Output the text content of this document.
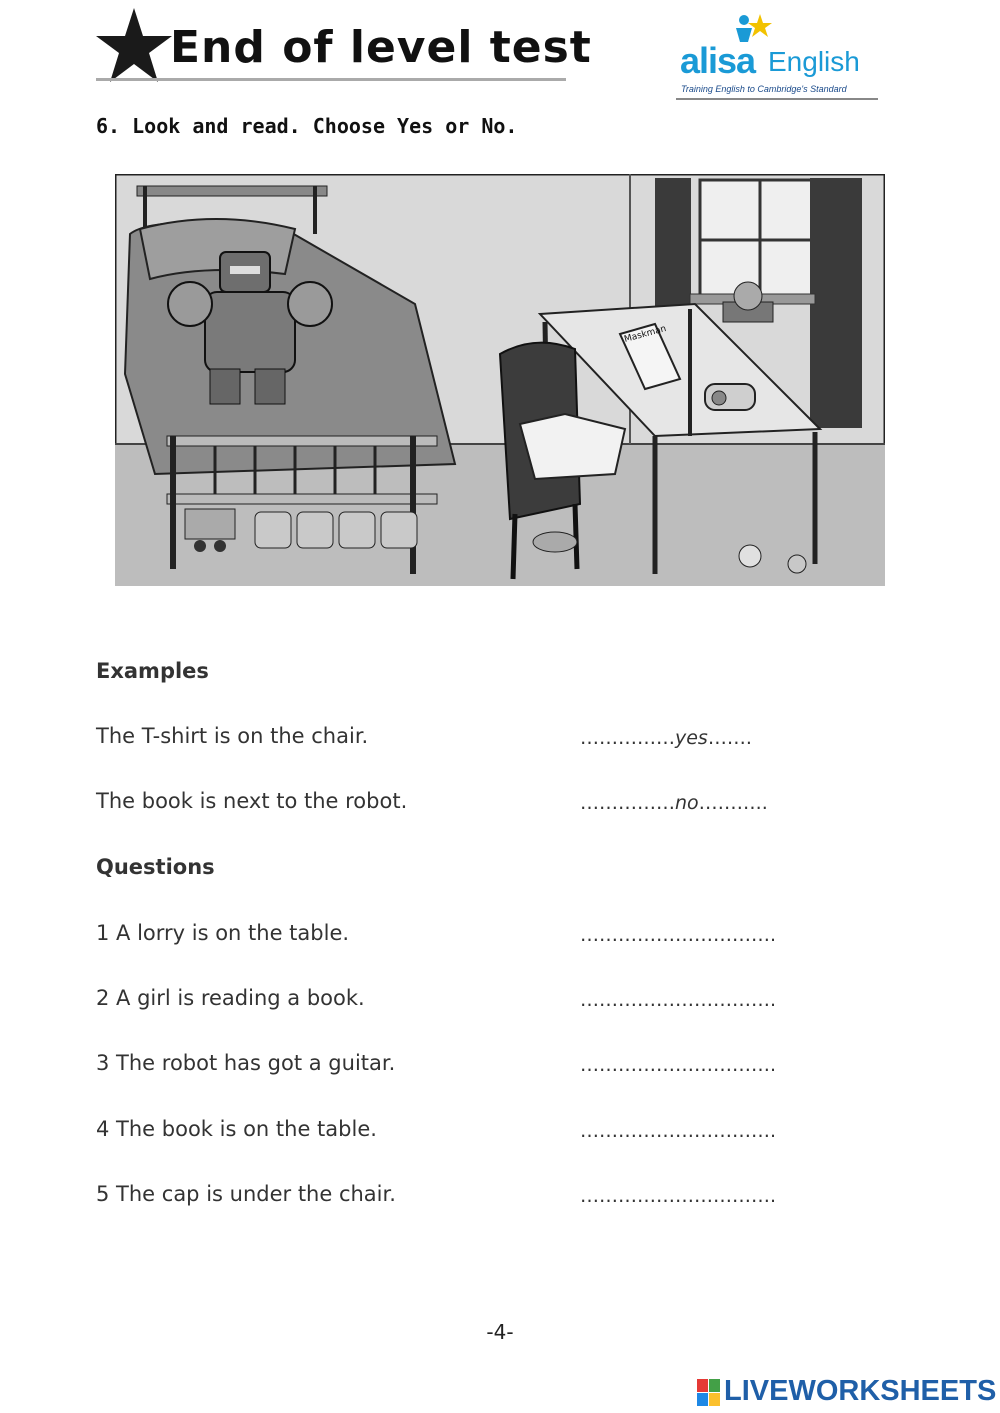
End of level test alisa English
Training English to Cambridge's Standard
6. Look and read. Choose Yes or No.
Maskman
Examples
The T-shirt is on the chair.	……………yes…….
The book is next to the robot.	……………no………..
Questions
1 A lorry is on the table.	………………………….
2 A girl is reading a book.	………………………….
3 The robot has got a guitar.	………………………….
4 The book is on the table.	………………………….
5 The cap is under the chair.	………………………….
-4-
LIVEWORKSHEETS
